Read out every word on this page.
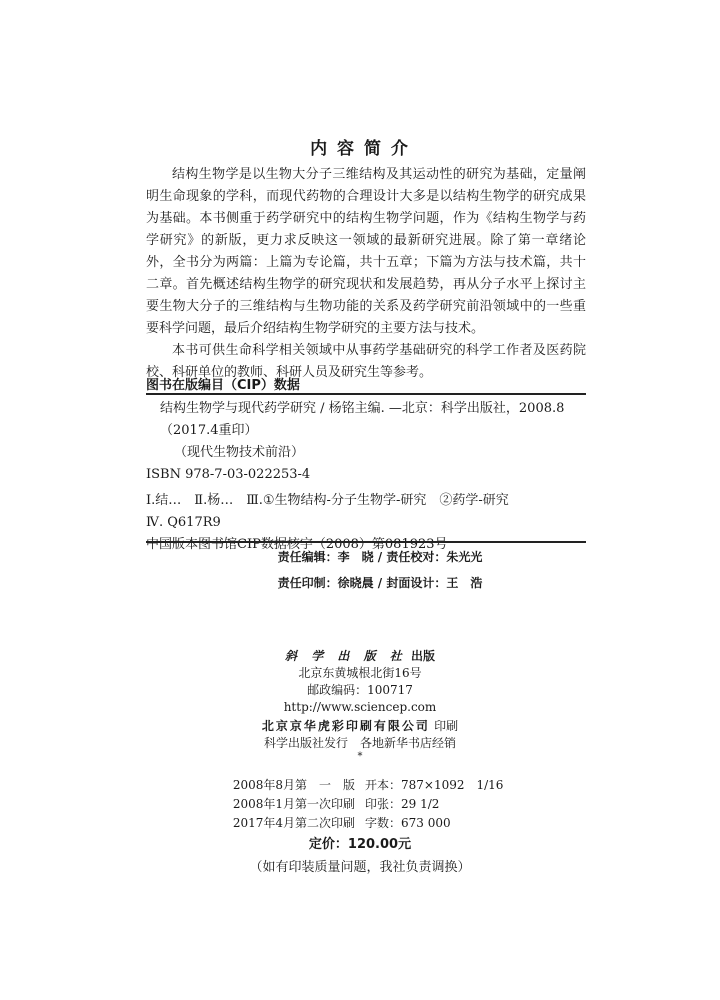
内 容 简 介

结构生物学是以生物大分子三维结构及其运动性的研究为基础，定量阐明生命现象的学科，而现代药物的合理设计大多是以结构生物学的研究成果为基础。本书侧重于药学研究中的结构生物学问题，作为《结构生物学与药学研究》的新版，更力求反映这一领域的最新研究进展。除了第一章绪论外，全书分为两篇：上篇为专论篇，共十五章；下篇为方法与技术篇，共十二章。首先概述结构生物学的研究现状和发展趋势，再从分子水平上探讨主要生物大分子的三维结构与生物功能的关系及药学研究前沿领域中的一些重要科学问题，最后介绍结构生物学研究的主要方法与技术。

本书可供生命科学相关领域中从事药学基础研究的科学工作者及医药院校、科研单位的教师、科研人员及研究生等参考。

图书在版编目（CIP）数据
结构生物学与现代药学研究 / 杨铭主编. —北京：科学出版社，2008.8（2017.4重印）
（现代生物技术前沿）
ISBN 978-7-03-022253-4
Ⅰ.结…　Ⅱ.杨…　Ⅲ.①生物结构-分子生物学-研究　②药学-研究
Ⅳ. Q617R9
中国版本图书馆CIP数据核字（2008）第081923号
责任编辑：李　晓 / 责任校对：朱光光
责任印制：徐晓晨 / 封面设计：王　浩
斜 学 出 版 社 出版
北京东黄城根北街16号
邮政编码：100717
http://www.sciencep.com
北京京华虎彩印刷有限公司 印刷
科学出版社发行　各地新华书店经销
*
2008年8月第　一　版 开本：787×1092　1/16
2008年1月第一次印刷 印张：29 1/2
2017年4月第二次印刷 字数：673 000
定价：120.00元
（如有印装质量问题，我社负责调换）
